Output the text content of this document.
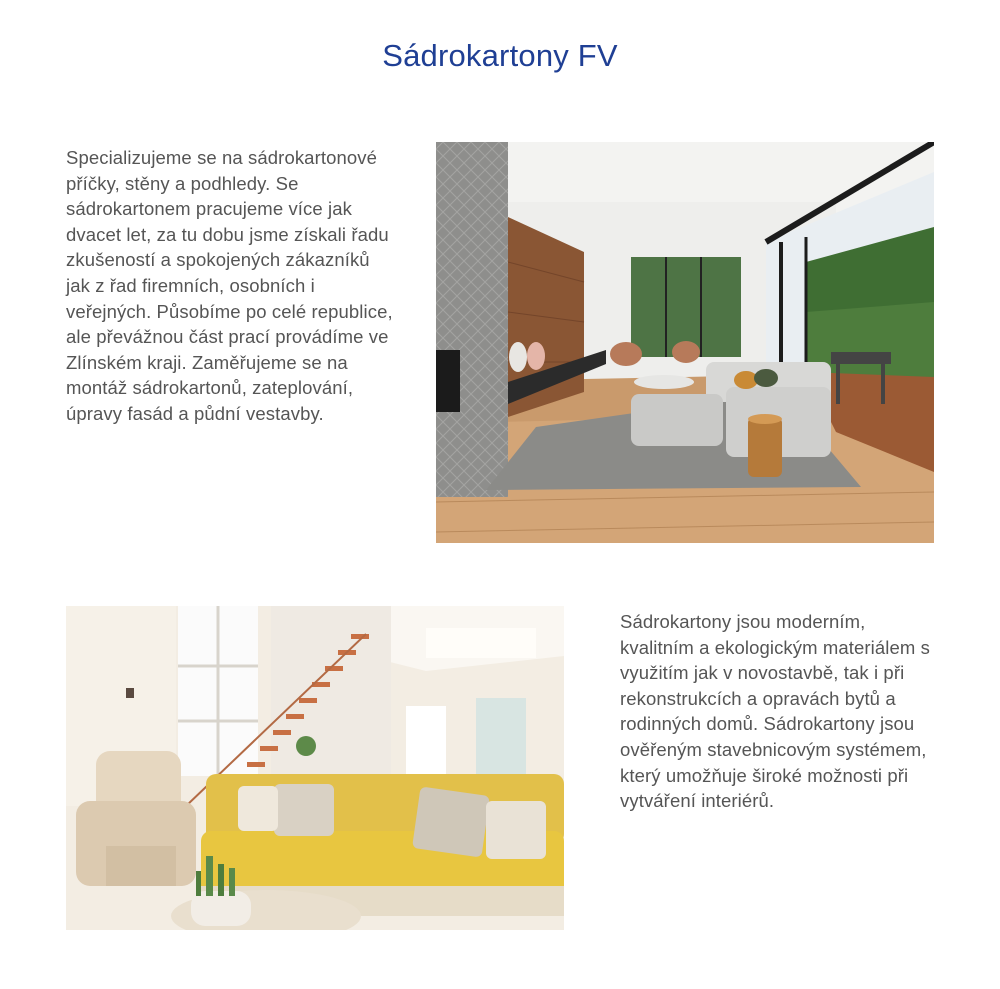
Sádrokartony FV

Specializujeme se na sádrokartonové příčky, stěny a podhledy. Se sádrokartonem pracujeme více jak dvacet let, za tu dobu jsme získali řadu zkušeností a spokojených zákazníků jak z řad firemních, osobních i veřejných. Působíme po celé republice, ale převážnou část prací provádíme ve Zlínském kraji. Zaměřujeme se na montáž sádrokartonů, zateplování, úpravy fasád a půdní vestavby.

Sádrokartony jsou moderním, kvalitním a ekologickým materiálem s využitím jak v novostavbě, tak i při rekonstrukcích a opravách bytů a rodinných domů. Sádrokartony jsou ověřeným stavebnicovým systémem, který umožňuje široké možnosti při vytváření interiérů.
